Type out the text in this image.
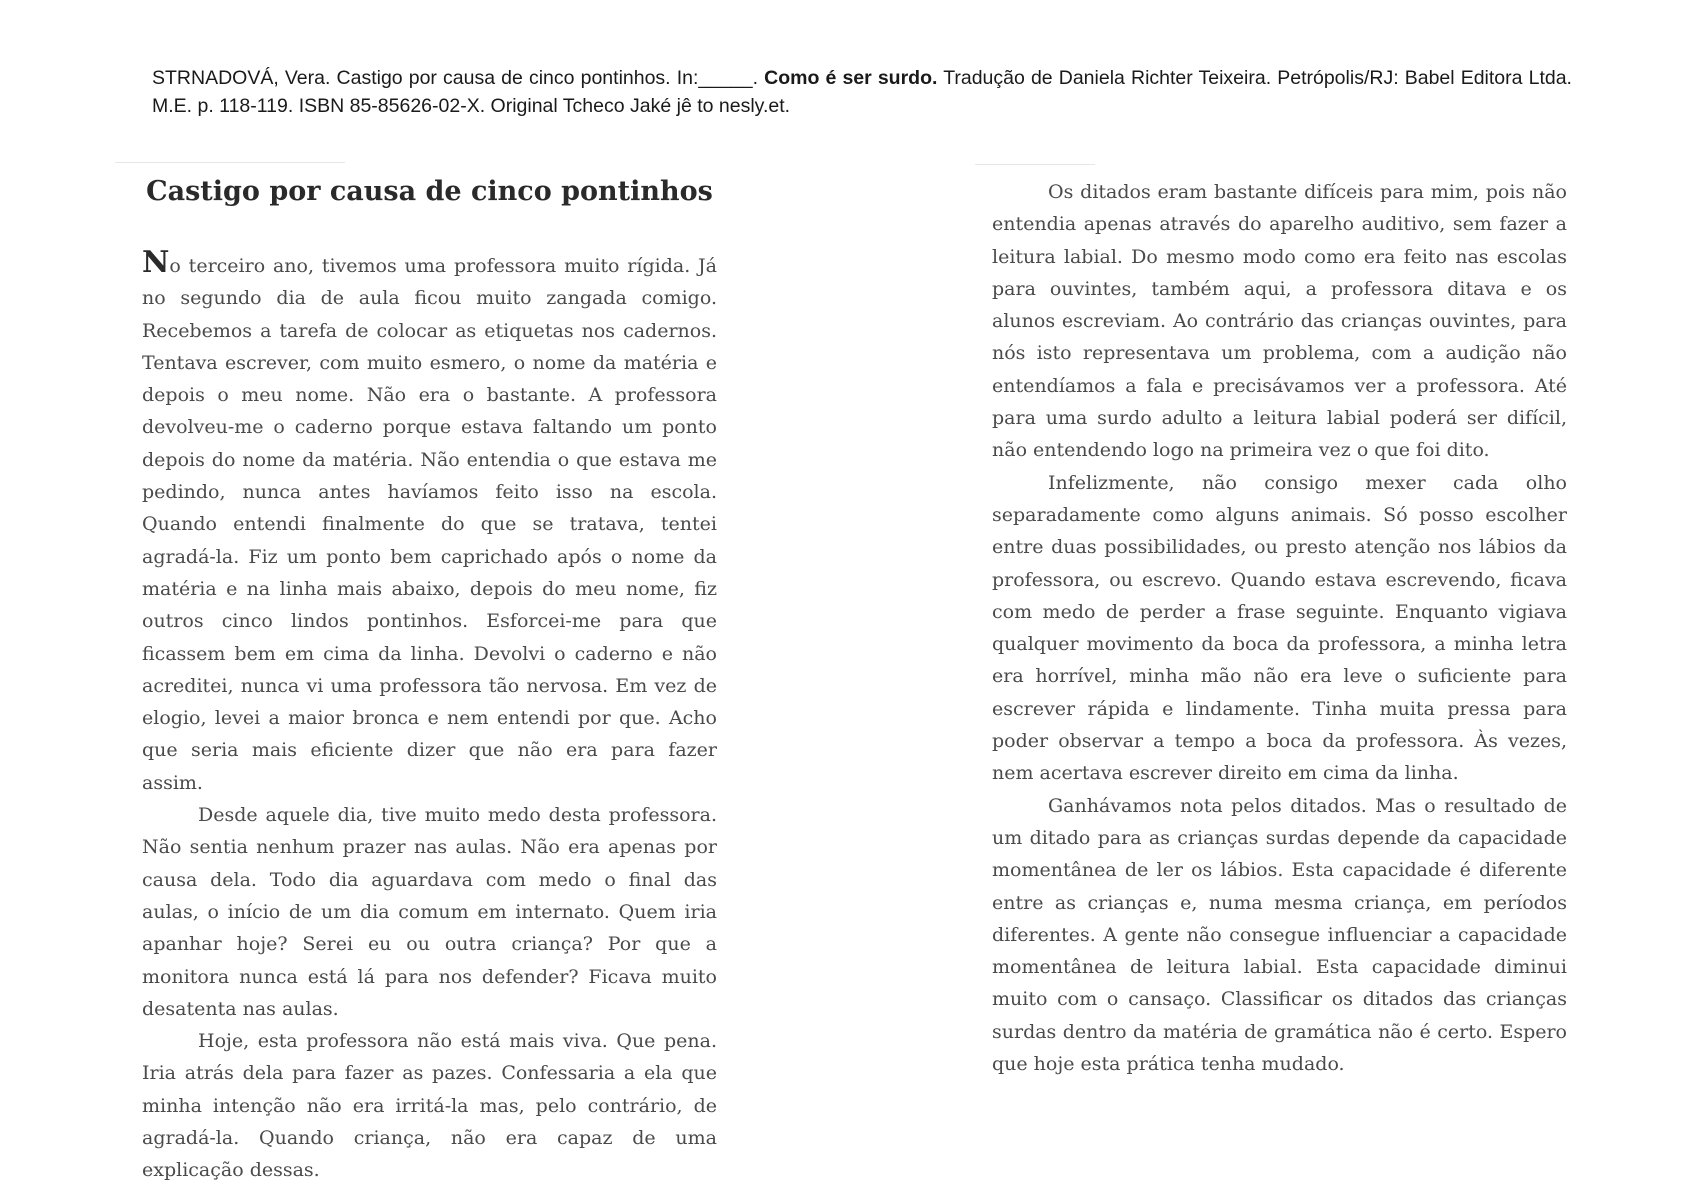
STRNADOVÁ, Vera. Castigo por causa de cinco pontinhos. In:_____. Como é ser surdo. Tradução de Daniela Richter Teixeira. Petrópolis/RJ: Babel Editora Ltda. M.E. p. 118-119. ISBN 85-85626-02-X. Original Tcheco Jaké jê to nesly.et.
Castigo por causa de cinco pontinhos

No terceiro ano, tivemos uma professora muito rígida. Já no segundo dia de aula ficou muito zangada comigo. Recebemos a tarefa de colocar as etiquetas nos cadernos. Tentava escrever, com muito esmero, o nome da matéria e depois o meu nome. Não era o bastante. A professora devolveu-me o caderno porque estava faltando um ponto depois do nome da matéria. Não entendia o que estava me pedindo, nunca antes havíamos feito isso na escola. Quando entendi finalmente do que se tratava, tentei agradá-la. Fiz um ponto bem caprichado após o nome da matéria e na linha mais abaixo, depois do meu nome, fiz outros cinco lindos pontinhos. Esforcei-me para que ficassem bem em cima da linha. Devolvi o caderno e não acreditei, nunca vi uma professora tão nervosa. Em vez de elogio, levei a maior bronca e nem entendi por que. Acho que seria mais eficiente dizer que não era para fazer assim.

Desde aquele dia, tive muito medo desta professora. Não sentia nenhum prazer nas aulas. Não era apenas por causa dela. Todo dia aguardava com medo o final das aulas, o início de um dia comum em internato. Quem iria apanhar hoje? Serei eu ou outra criança? Por que a monitora nunca está lá para nos defender? Ficava muito desatenta nas aulas.

Hoje, esta professora não está mais viva. Que pena. Iria atrás dela para fazer as pazes. Confessaria a ela que minha intenção não era irritá-la mas, pelo contrário, de agradá-la. Quando criança, não era capaz de uma explicação dessas.

Os ditados eram bastante difíceis para mim, pois não entendia apenas através do aparelho auditivo, sem fazer a leitura labial. Do mesmo modo como era feito nas escolas para ouvintes, também aqui, a professora ditava e os alunos escreviam. Ao contrário das crianças ouvintes, para nós isto representava um problema, com a audição não entendíamos a fala e precisávamos ver a professora. Até para uma surdo adulto a leitura labial poderá ser difícil, não entendendo logo na primeira vez o que foi dito.

Infelizmente, não consigo mexer cada olho separadamente como alguns animais. Só posso escolher entre duas possibilidades, ou presto atenção nos lábios da professora, ou escrevo. Quando estava escrevendo, ficava com medo de perder a frase seguinte. Enquanto vigiava qualquer movimento da boca da professora, a minha letra era horrível, minha mão não era leve o suficiente para escrever rápida e lindamente. Tinha muita pressa para poder observar a tempo a boca da professora. Às vezes, nem acertava escrever direito em cima da linha.

Ganhávamos nota pelos ditados. Mas o resultado de um ditado para as crianças surdas depende da capacidade momentânea de ler os lábios. Esta capacidade é diferente entre as crianças e, numa mesma criança, em períodos diferentes. A gente não consegue influenciar a capacidade momentânea de leitura labial. Esta capacidade diminui muito com o cansaço. Classificar os ditados das crianças surdas dentro da matéria de gramática não é certo. Espero que hoje esta prática tenha mudado.
